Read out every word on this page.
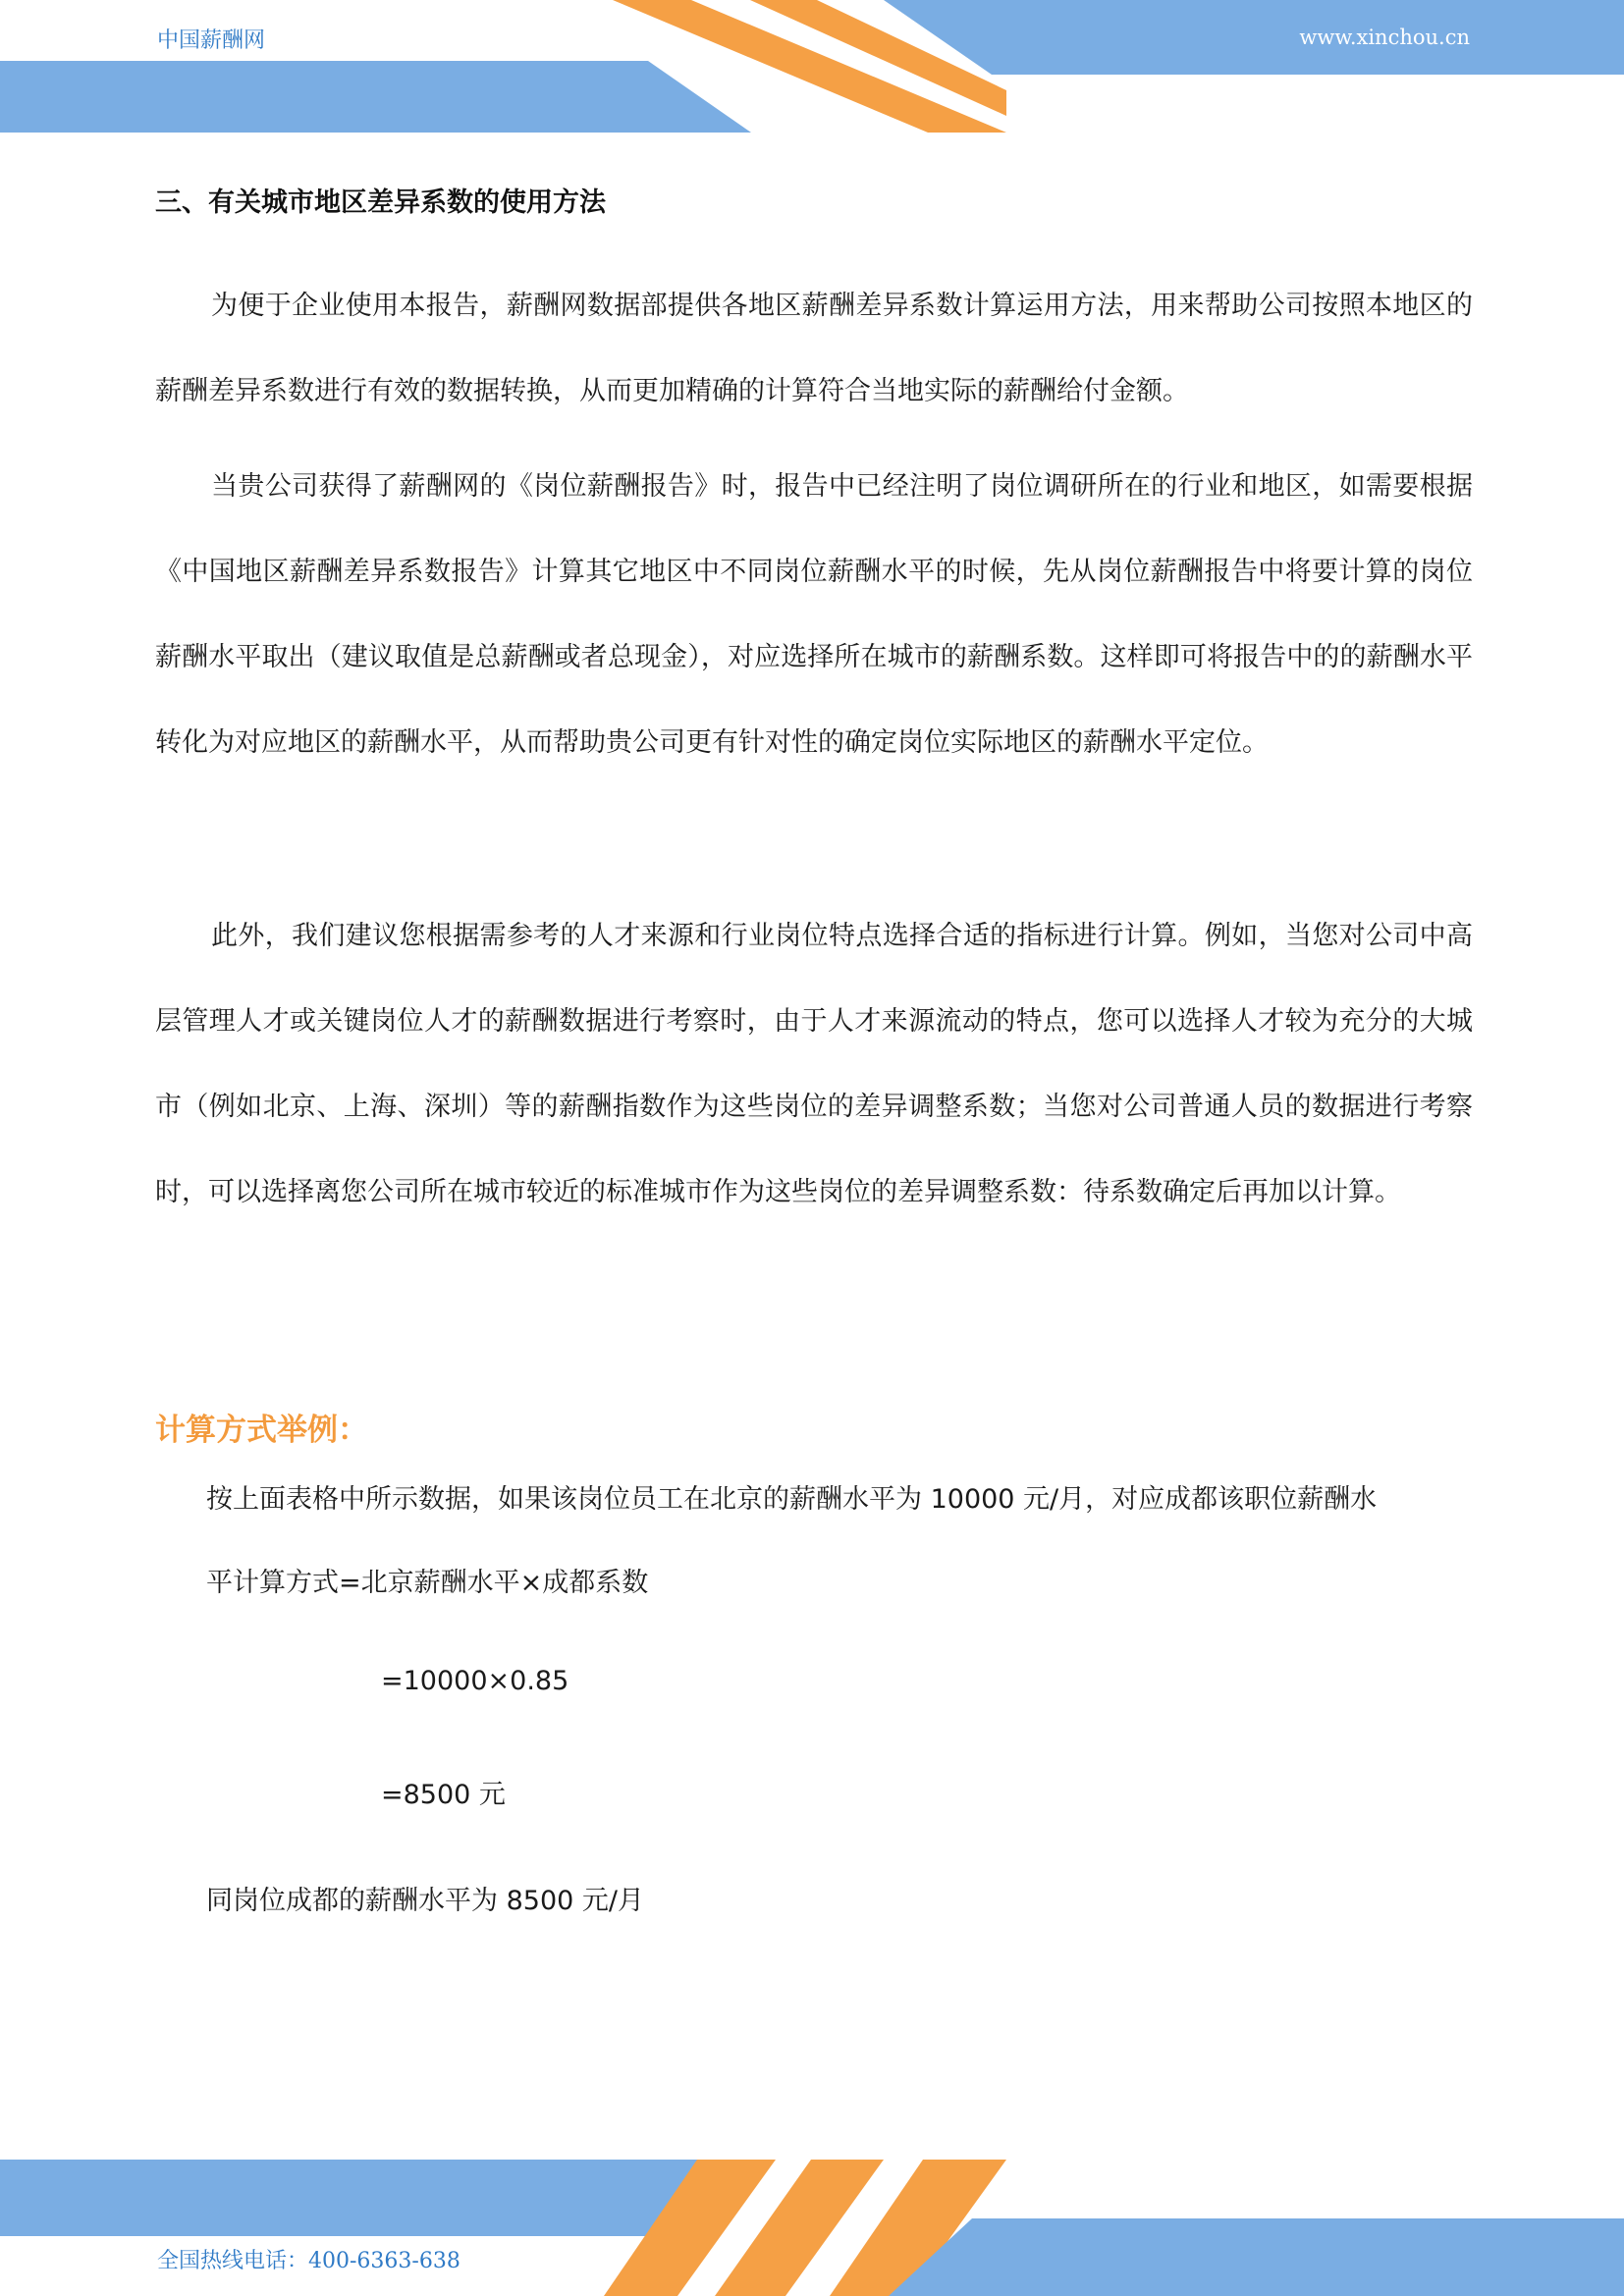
中国薪酬网	www.xinchou.cn
三、有关城市地区差异系数的使用方法

为便于企业使用本报告，薪酬网数据部提供各地区薪酬差异系数计算运用方法，用来帮助公司按照本地区的薪酬差异系数进行有效的数据转换，从而更加精确的计算符合当地实际的薪酬给付金额。

当贵公司获得了薪酬网的《岗位薪酬报告》时，报告中已经注明了岗位调研所在的行业和地区，如需要根据《中国地区薪酬差异系数报告》计算其它地区中不同岗位薪酬水平的时候，先从岗位薪酬报告中将要计算的岗位薪酬水平取出（建议取值是总薪酬或者总现金），对应选择所在城市的薪酬系数。这样即可将报告中的的薪酬水平转化为对应地区的薪酬水平，从而帮助贵公司更有针对性的确定岗位实际地区的薪酬水平定位。

此外，我们建议您根据需参考的人才来源和行业岗位特点选择合适的指标进行计算。例如，当您对公司中高层管理人才或关键岗位人才的薪酬数据进行考察时，由于人才来源流动的特点，您可以选择人才较为充分的大城市（例如北京、上海、深圳）等的薪酬指数作为这些岗位的差异调整系数；当您对公司普通人员的数据进行考察时，可以选择离您公司所在城市较近的标准城市作为这些岗位的差异调整系数：待系数确定后再加以计算。

计算方式举例：

按上面表格中所示数据，如果该岗位员工在北京的薪酬水平为 10000 元/月，对应成都该职位薪酬水

平计算方式=北京薪酬水平×成都系数

=10000×0.85

=8500 元

同岗位成都的薪酬水平为 8500 元/月

全国热线电话：400-6363-638
